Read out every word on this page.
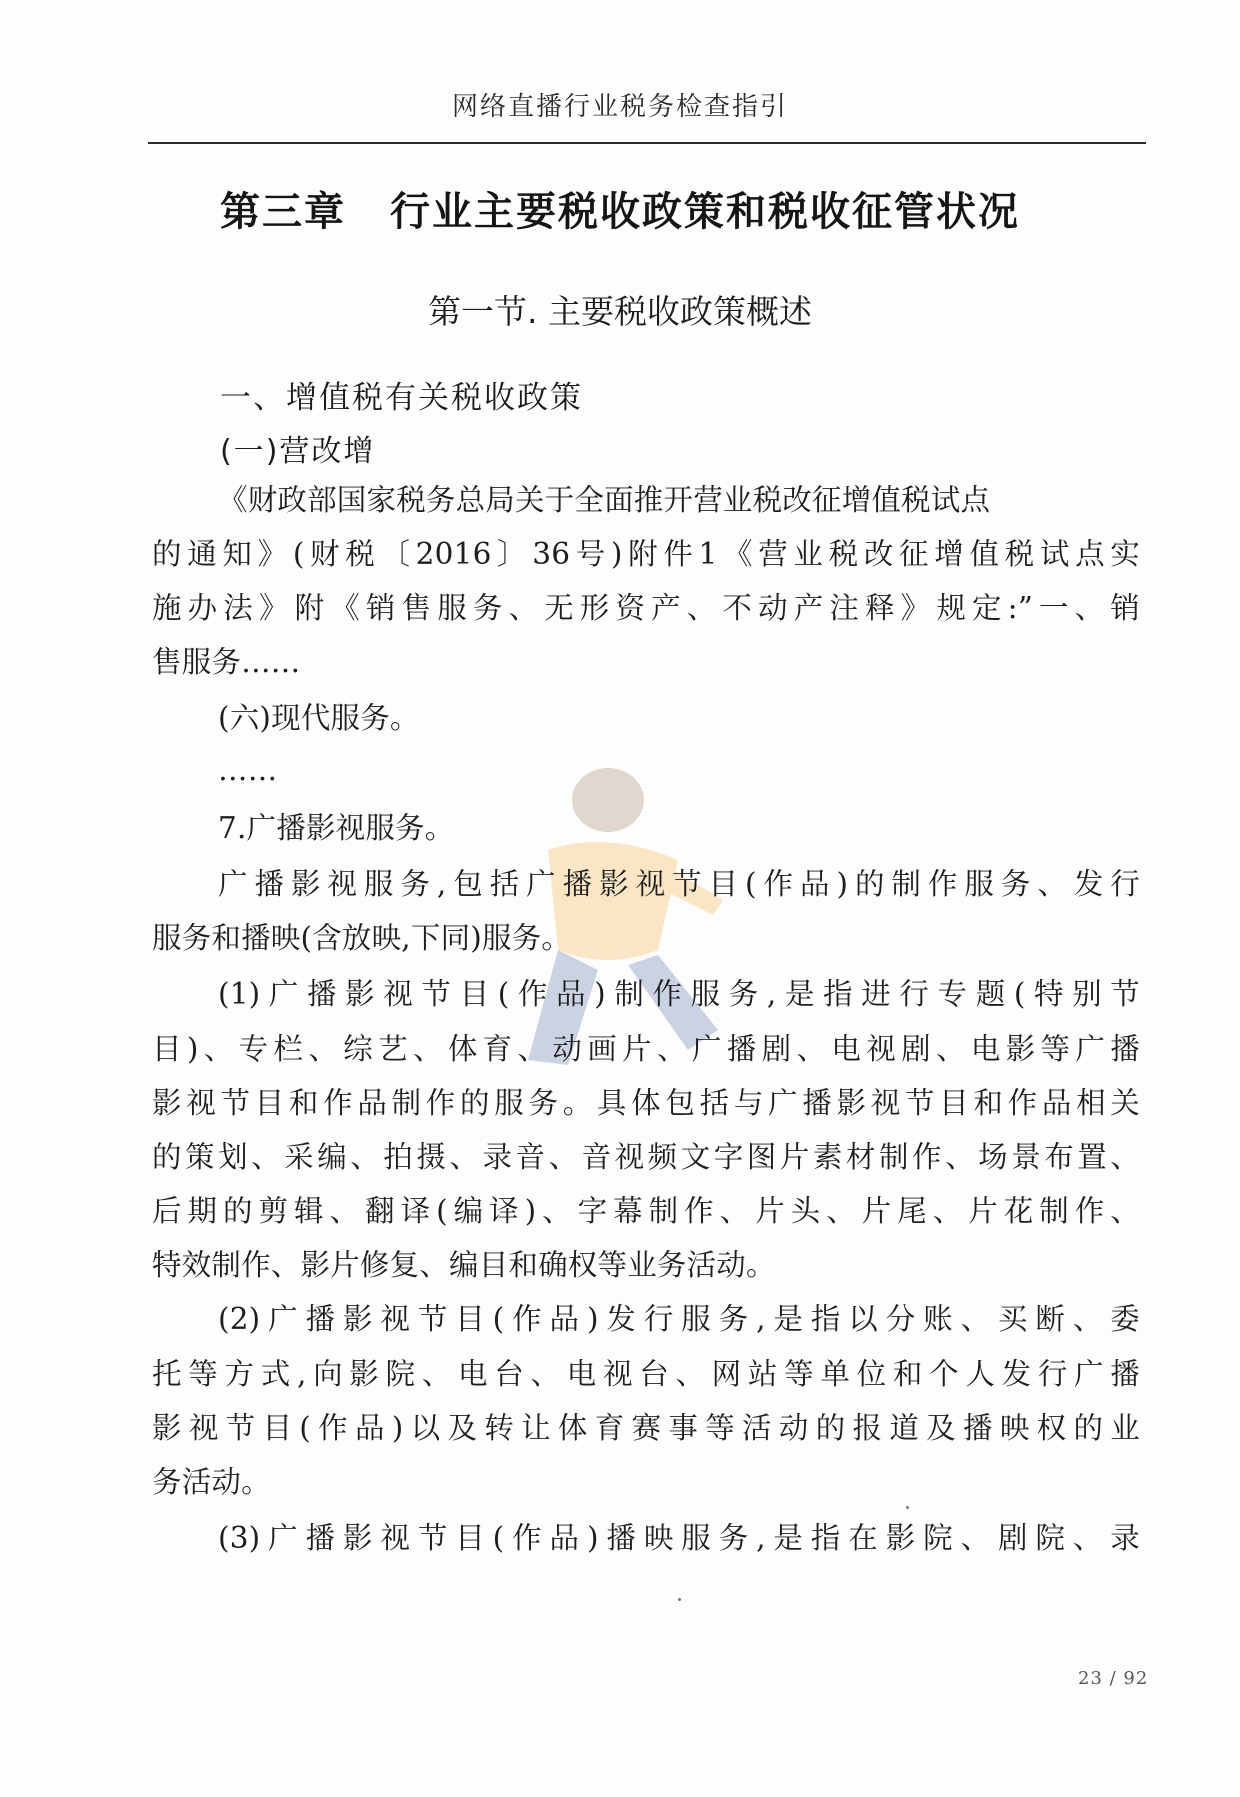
网络直播行业税务检查指引
第三章 行业主要税收政策和税收征管状况
第一节. 主要税收政策概述
一、增值税有关税收政策
(一)营改增
《财政部国家税务总局关于全面推开营业税改征增值税试点
的通知》(财税〔2016〕36号)附件1《营业税改征增值税试点实
施办法》附《销售服务、无形资产、不动产注释》规定:”一、销
售服务……
(六)现代服务。
……
7.广播影视服务。
广播影视服务,包括广播影视节目(作品)的制作服务、发行
服务和播映(含放映,下同)服务。
(1)广播影视节目(作品)制作服务,是指进行专题(特别节
目)、专栏、综艺、体育、动画片、广播剧、电视剧、电影等广播
影视节目和作品制作的服务。具体包括与广播影视节目和作品相关
的策划、采编、拍摄、录音、音视频文字图片素材制作、场景布置、
后期的剪辑、翻译(编译)、字幕制作、片头、片尾、片花制作、
特效制作、影片修复、编目和确权等业务活动。
(2)广播影视节目(作品)发行服务,是指以分账、买断、委
托等方式,向影院、电台、电视台、网站等单位和个人发行广播
影视节目(作品)以及转让体育赛事等活动的报道及播映权的业
务活动。
(3)广播影视节目(作品)播映服务,是指在影院、剧院、录
23 / 92
